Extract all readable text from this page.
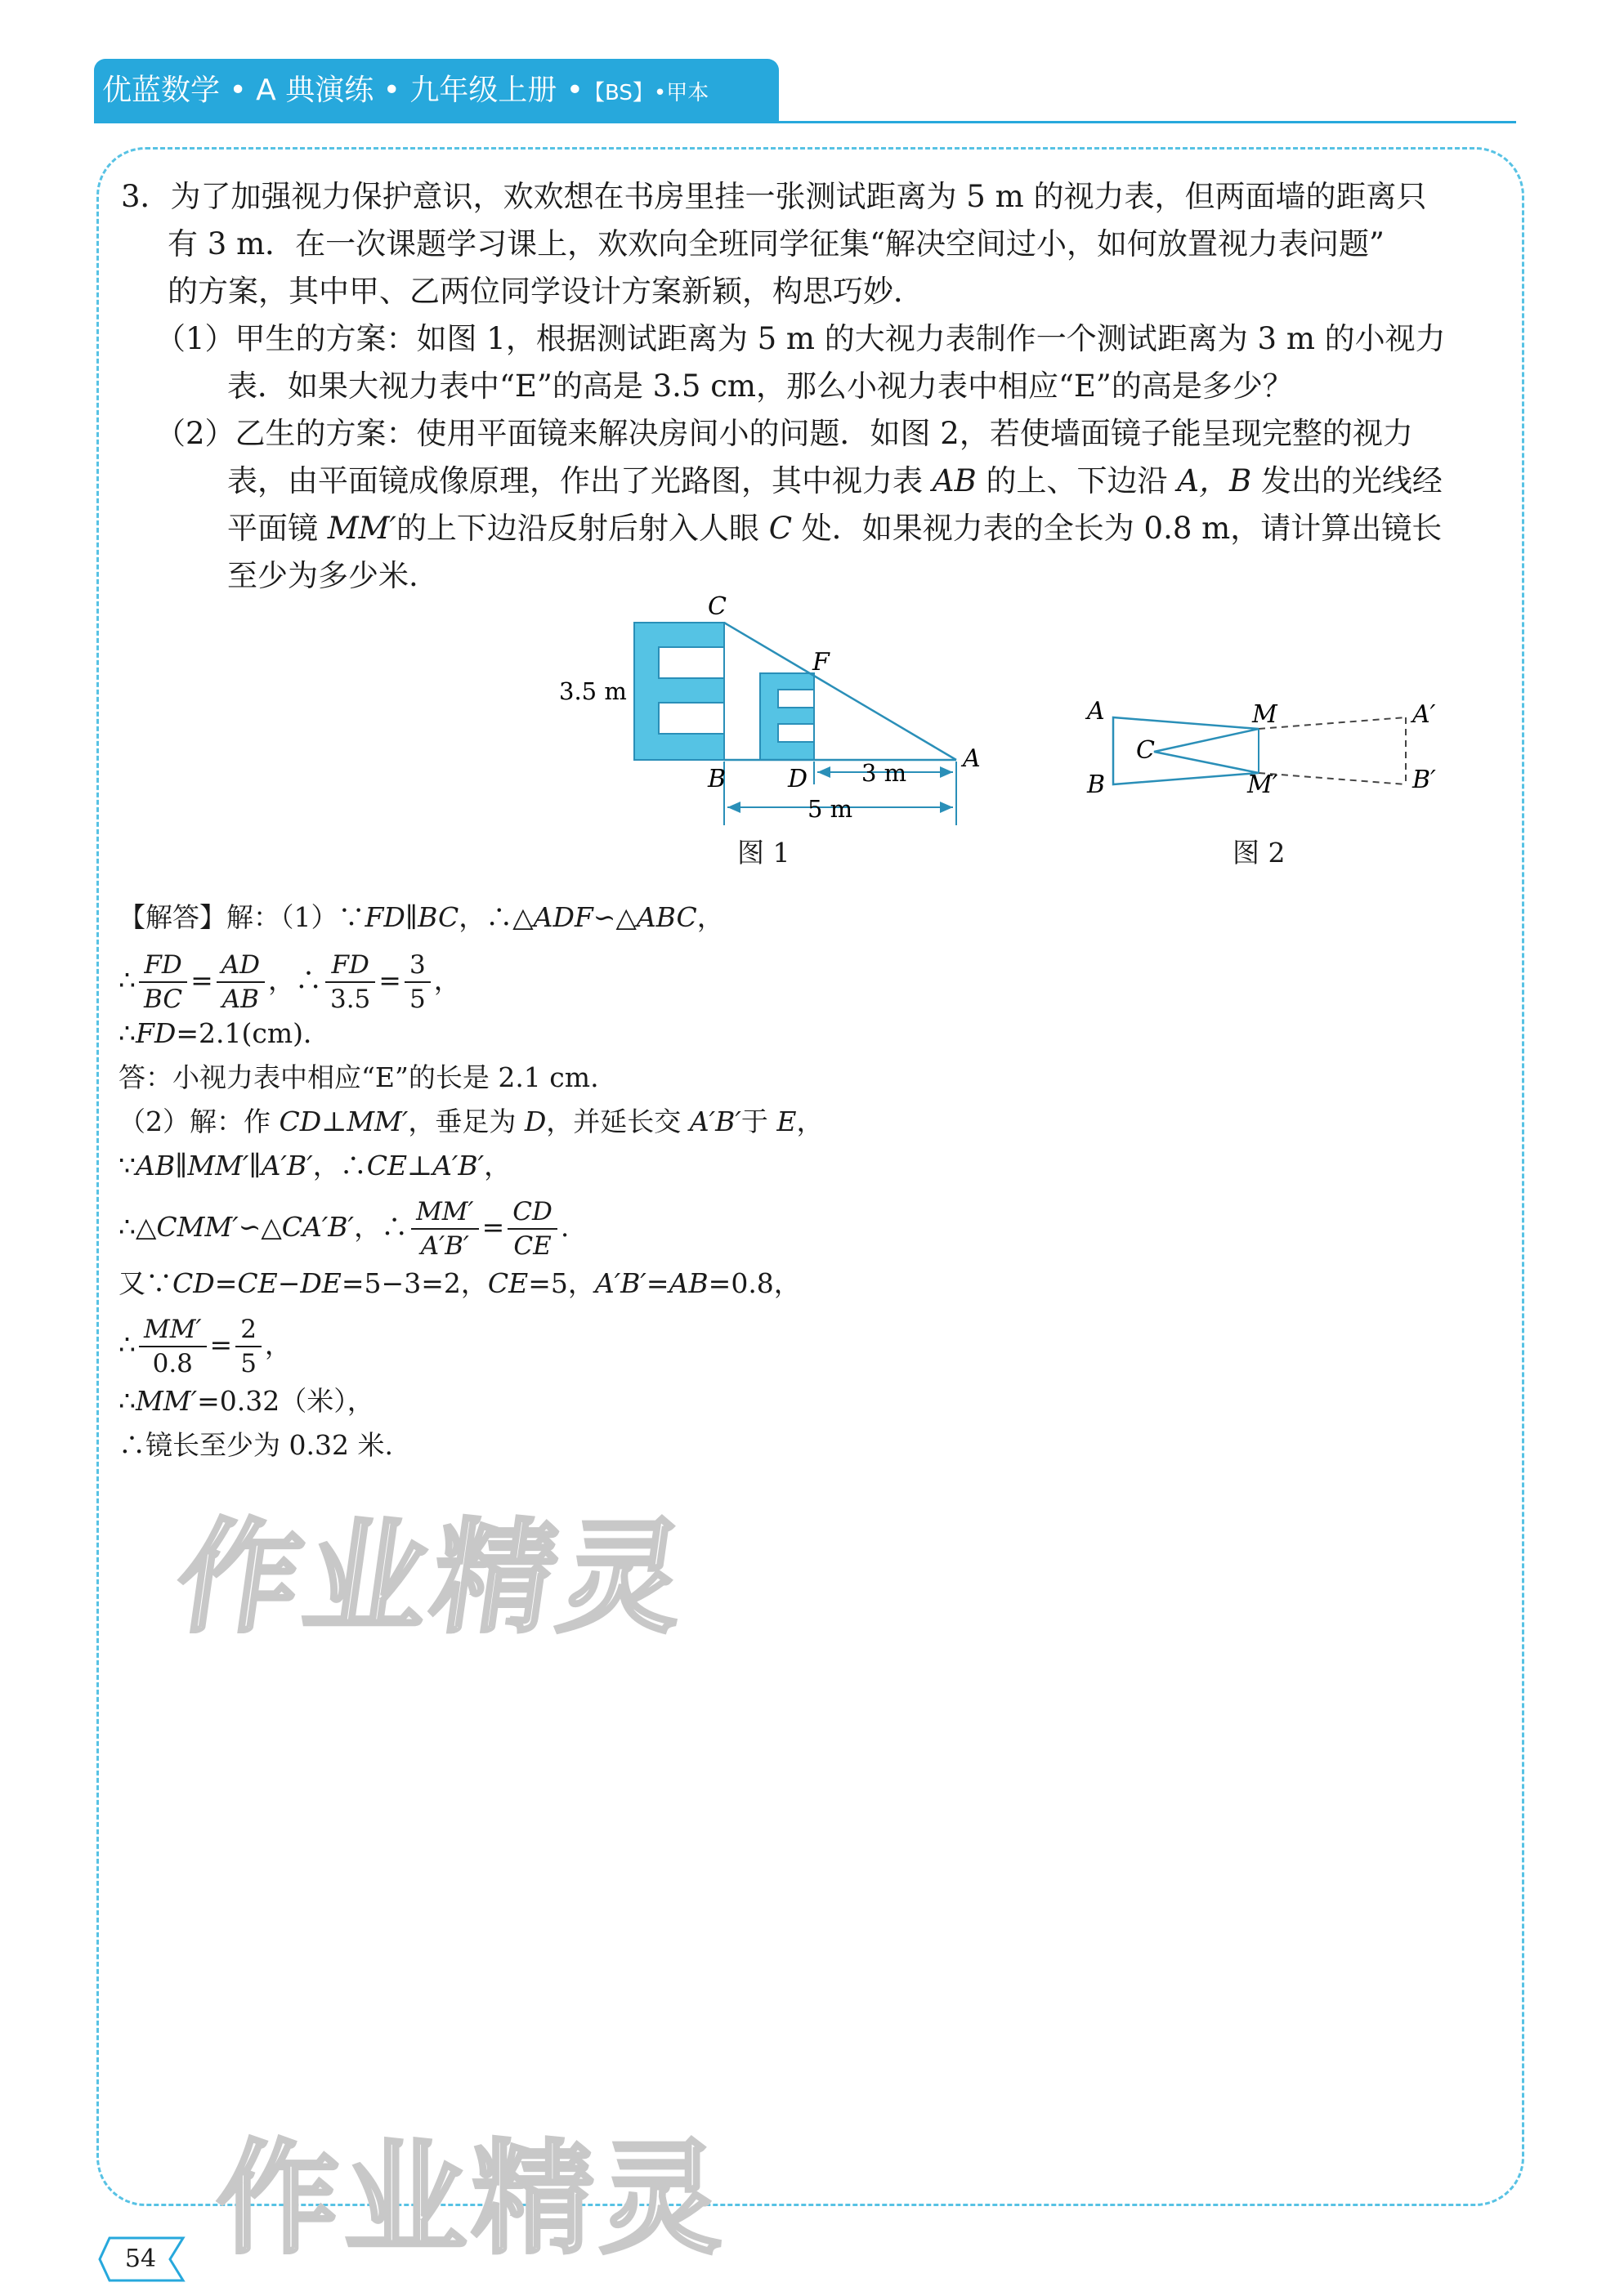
优蓝数学 • A 典演练 • 九年级上册 •【BS】•甲本
3．为了加强视力保护意识，欢欢想在书房里挂一张测试距离为 5 m 的视力表，但两面墙的距离只
有 3 m．在一次课题学习课上，欢欢向全班同学征集“解决空间过小，如何放置视力表问题”
的方案，其中甲、乙两位同学设计方案新颖，构思巧妙．
（1）甲生的方案：如图 1，根据测试距离为 5 m 的大视力表制作一个测试距离为 3 m 的小视力
表．如果大视力表中“E”的高是 3.5 cm，那么小视力表中相应“E”的高是多少？
（2）乙生的方案：使用平面镜来解决房间小的问题．如图 2，若使墙面镜子能呈现完整的视力
表，由平面镜成像原理，作出了光路图，其中视力表 AB 的上、下边沿 A，B 发出的光线经
平面镜 MM′的上下边沿反射后射入人眼 C 处．如果视力表的全长为 0.8 m，请计算出镜长
至少为多少米.
C
F
A
B	D
3.5 m
3 m
5 m
图 1
A
B
C
M
M′
A′
B′
图 2
【解答】解：（1）∵FD∥BC，∴△ADF∽△ABC，
∴ $\frac{FD}{BC} = \frac{AD}{AB}$ ，∴ $\frac{FD}{3.5} = \frac{3}{5}$ ，
∴FD=2.1(cm)．
答：小视力表中相应“E”的长是 2.1 cm.
（2）解：作 CD⊥MM′，垂足为 D，并延长交 A′B′于 E，
∵AB∥MM′∥A′B′，∴CE⊥A′B′，
∴△CMM′∽△CA′B′，∴ $\frac{MM'}{A'B'} = \frac{CD}{CE}$ .
又∵CD=CE−DE=5−3=2，CE=5，A′B′=AB=0.8，
∴ $\frac{MM'}{0.8} = \frac{2}{5}$ ，
∴MM′=0.32（米），
∴镜长至少为 0.32 米.
作业精灵
作业精灵
54
